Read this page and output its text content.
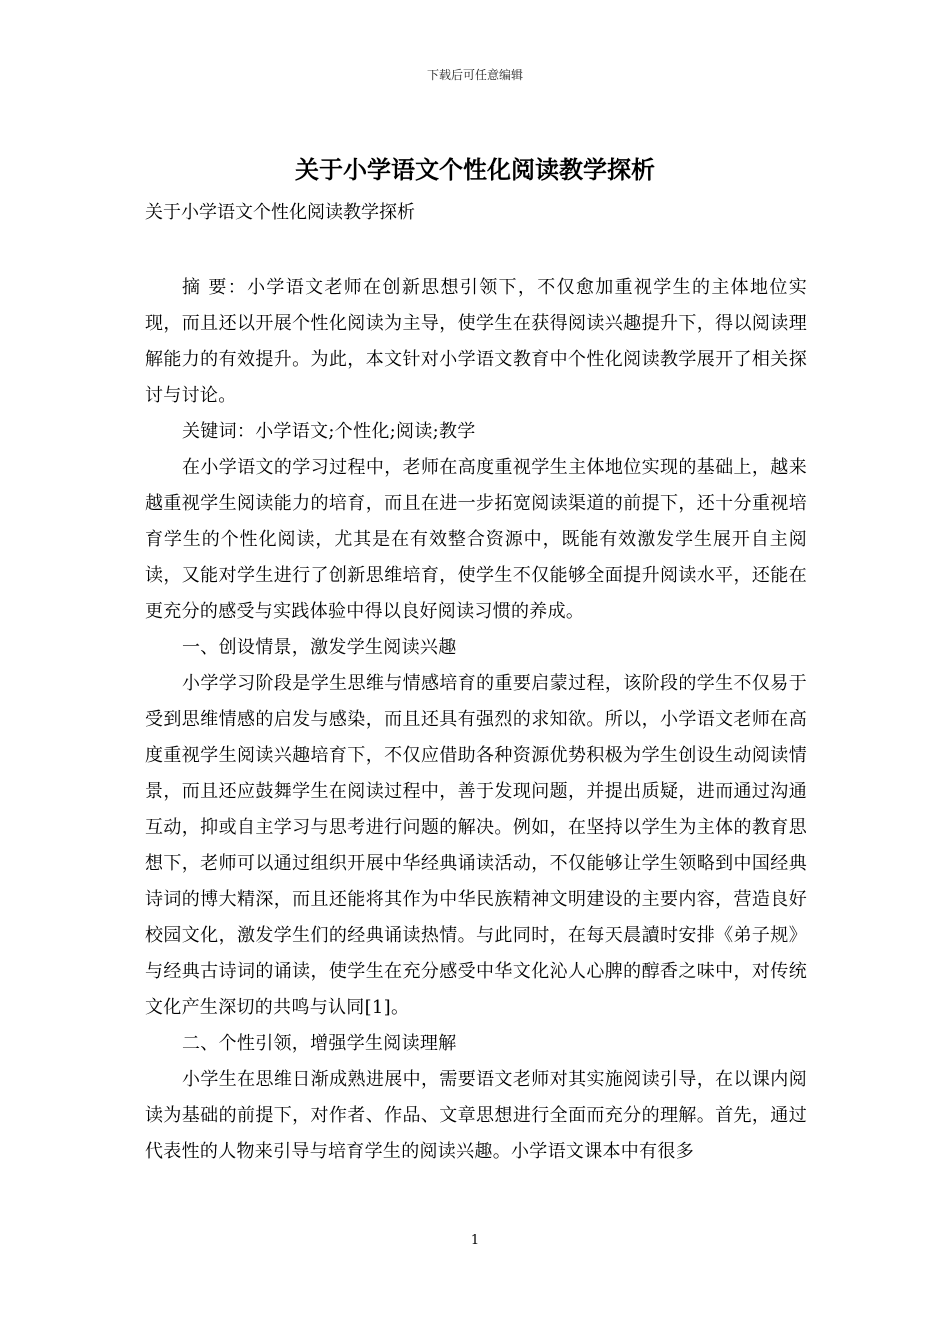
下载后可任意编辑
关于小学语文个性化阅读教学探析

关于小学语文个性化阅读教学探析

摘 要：小学语文老师在创新思想引领下，不仅愈加重视学生的主体地位实现，而且还以开展个性化阅读为主导，使学生在获得阅读兴趣提升下，得以阅读理解能力的有效提升。为此，本文针对小学语文教育中个性化阅读教学展开了相关探讨与讨论。

关键词：小学语文;个性化;阅读;教学

在小学语文的学习过程中，老师在高度重视学生主体地位实现的基础上，越来越重视学生阅读能力的培育，而且在进一步拓宽阅读渠道的前提下，还十分重视培育学生的个性化阅读，尤其是在有效整合资源中，既能有效激发学生展开自主阅读，又能对学生进行了创新思维培育，使学生不仅能够全面提升阅读水平，还能在更充分的感受与实践体验中得以良好阅读习惯的养成。

一、创设情景，激发学生阅读兴趣

小学学习阶段是学生思维与情感培育的重要启蒙过程，该阶段的学生不仅易于受到思维情感的启发与感染，而且还具有强烈的求知欲。所以，小学语文老师在高度重视学生阅读兴趣培育下，不仅应借助各种资源优势积极为学生创设生动阅读情景，而且还应鼓舞学生在阅读过程中，善于发现问题，并提出质疑，进而通过沟通互动，抑或自主学习与思考进行问题的解决。例如，在坚持以学生为主体的教育思想下，老师可以通过组织开展中华经典诵读活动，不仅能够让学生领略到中国经典诗词的博大精深，而且还能将其作为中华民族精神文明建设的主要内容，营造良好校园文化，激发学生们的经典诵读热情。与此同时，在每天晨讀时安排《弟子规》与经典古诗词的诵读，使学生在充分感受中华文化沁人心脾的醇香之味中，对传统文化产生深切的共鸣与认同[1]。

二、个性引领，增强学生阅读理解

小学生在思维日渐成熟进展中，需要语文老师对其实施阅读引导，在以课内阅读为基础的前提下，对作者、作品、文章思想进行全面而充分的理解。首先，通过代表性的人物来引导与培育学生的阅读兴趣。小学语文课本中有很多

1
